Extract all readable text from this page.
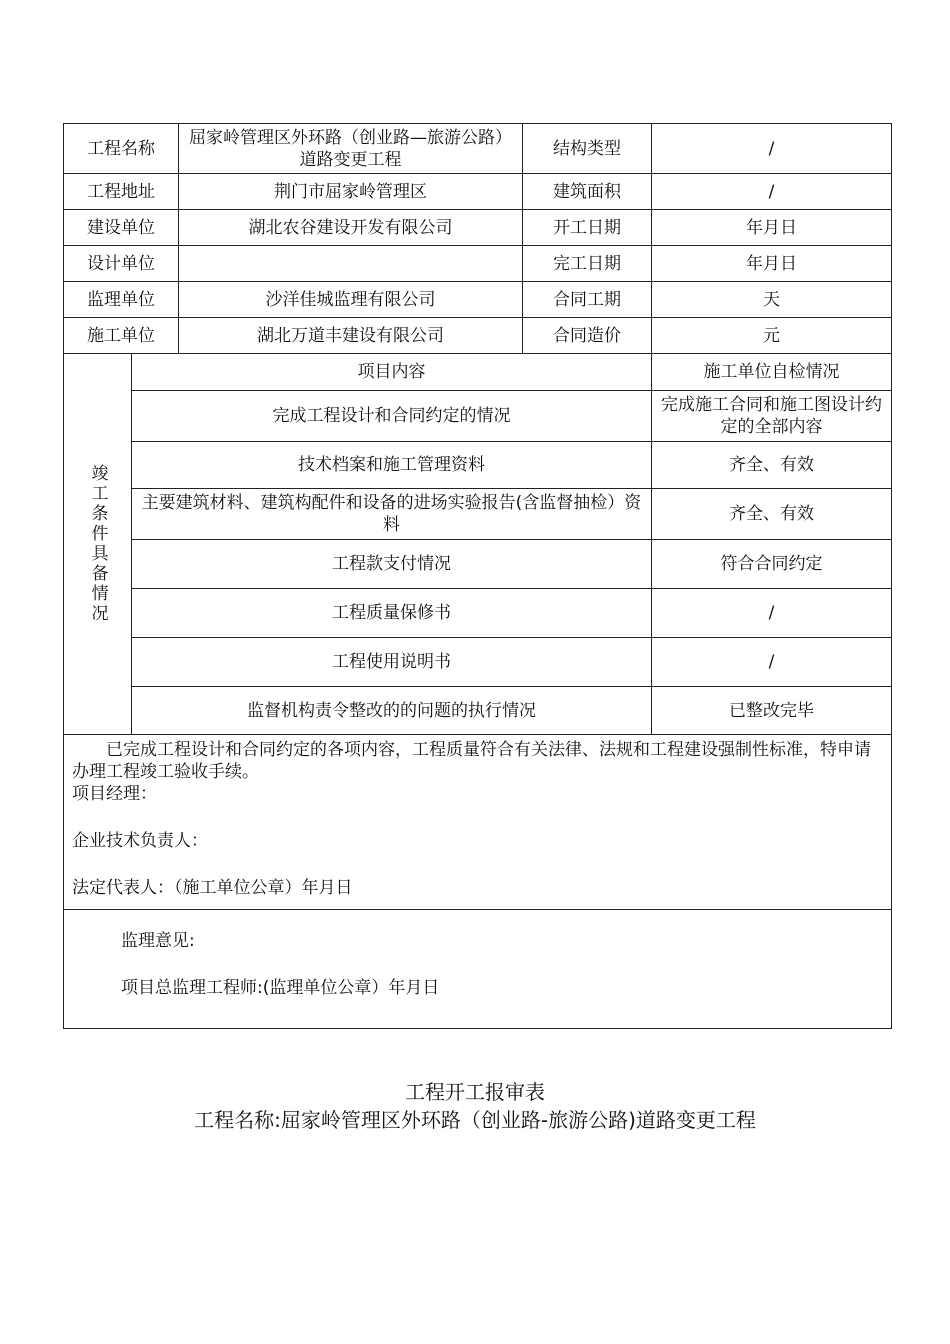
工程名称		屈家岭管理区外环路（创业路—旅游公路）道路变更工程	结构类型	/
工程地址		荆门市屈家岭管理区	建筑面积	/
建设单位		湖北农谷建设开发有限公司	开工日期	年月日
设计单位			完工日期	年月日
监理单位		沙洋佳城监理有限公司	合同工期	天
施工单位		湖北万道丰建设有限公司	合同造价	元
竣工条件具备情况	项目内容			施工单位自检情况
	完成工程设计和合同约定的情况			完成施工合同和施工图设计约定的全部内容
	技术档案和施工管理资料			齐全、有效
	主要建筑材料、建筑构配件和设备的进场实验报告(含监督抽检）资料			齐全、有效
	工程款支付情况			符合合同约定
	工程质量保修书			/
	工程使用说明书			/
	监督机构责令整改的的问题的执行情况			已整改完毕

已完成工程设计和合同约定的各项内容，工程质量符合有关法律、法规和工程建设强制性标准，特申请办理工程竣工验收手续。

项目经理：

企业技术负责人：

法定代表人：（施工单位公章）年月日				

监理意见:

项目总监理工程师:(监理单位公章）年月日				

工程开工报审表
工程名称:屈家岭管理区外环路（创业路-旅游公路)道路变更工程
